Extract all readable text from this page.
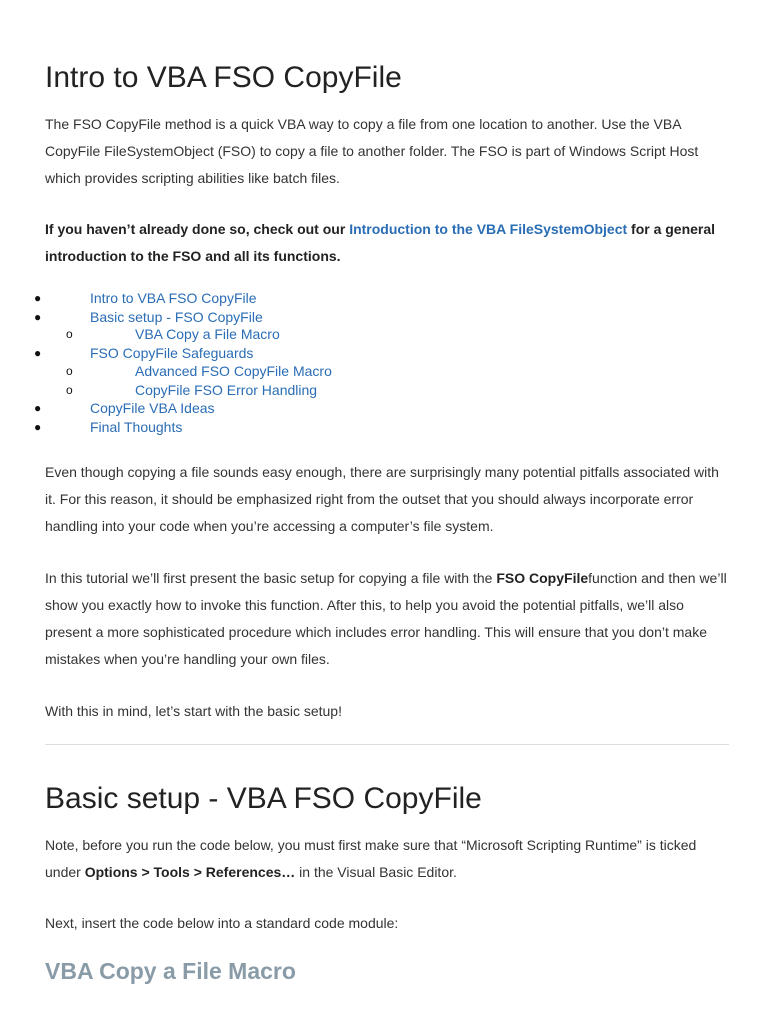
Intro to VBA FSO CopyFile

The FSO CopyFile method is a quick VBA way to copy a file from one location to another. Use the VBA CopyFile FileSystemObject (FSO) to copy a file to another folder. The FSO is part of Windows Script Host which provides scripting abilities like batch files.

If you haven’t already done so, check out our Introduction to the VBA FileSystemObject for a general introduction to the FSO and all its functions.

●	Intro to VBA FSO CopyFile
●	Basic setup - FSO CopyFile
o	VBA Copy a File Macro
●	FSO CopyFile Safeguards
o	Advanced FSO CopyFile Macro
o	CopyFile FSO Error Handling
●	CopyFile VBA Ideas
●	Final Thoughts

Even though copying a file sounds easy enough, there are surprisingly many potential pitfalls associated with it. For this reason, it should be emphasized right from the outset that you should always incorporate error handling into your code when you’re accessing a computer’s file system.

In this tutorial we’ll first present the basic setup for copying a file with the FSO CopyFilefunction and then we’ll show you exactly how to invoke this function. After this, to help you avoid the potential pitfalls, we’ll also present a more sophisticated procedure which includes error handling. This will ensure that you don’t make mistakes when you’re handling your own files.

With this in mind, let’s start with the basic setup!

Basic setup - VBA FSO CopyFile

Note, before you run the code below, you must first make sure that “Microsoft Scripting Runtime” is ticked under Options > Tools > References… in the Visual Basic Editor.

Next, insert the code below into a standard code module:

VBA Copy a File Macro
